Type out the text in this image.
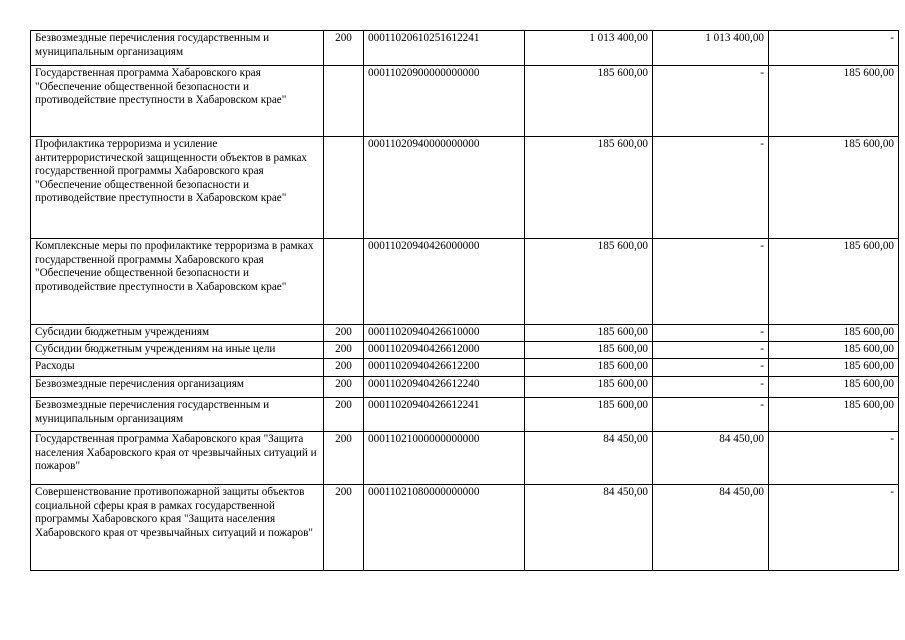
Безвозмездные перечисления государственным и муниципальным организациям	200	00011020610251612241	1 013 400,00	1 013 400,00	-
Государственная программа Хабаровского края "Обеспечение общественной безопасности и противодействие преступности в Хабаровском крае"		00011020900000000000	185 600,00	-	185 600,00
Профилактика терроризма и усиление антитеррористической защищенности объектов в рамках государственной программы Хабаровского края "Обеспечение общественной безопасности и противодействие преступности в Хабаровском крае"		00011020940000000000	185 600,00	-	185 600,00
Комплексные меры по профилактике терроризма в рамках государственной программы Хабаровского края "Обеспечение общественной безопасности и противодействие преступности в Хабаровском крае"		00011020940426000000	185 600,00	-	185 600,00
Субсидии бюджетным учреждениям	200	00011020940426610000	185 600,00	-	185 600,00
Субсидии бюджетным учреждениям на иные цели	200	00011020940426612000	185 600,00	-	185 600,00
Расходы	200	00011020940426612200	185 600,00	-	185 600,00
Безвозмездные перечисления организациям	200	00011020940426612240	185 600,00	-	185 600,00
Безвозмездные перечисления государственным и муниципальным организациям	200	00011020940426612241	185 600,00	-	185 600,00
Государственная программа Хабаровского края "Защита населения Хабаровского края от чрезвычайных ситуаций и пожаров"	200	00011021000000000000	84 450,00	84 450,00	-
Совершенствование противопожарной защиты объектов социальной сферы края в рамках государственной программы Хабаровского края "Защита населения Хабаровского края от чрезвычайных ситуаций и пожаров"	200	00011021080000000000	84 450,00	84 450,00	-
